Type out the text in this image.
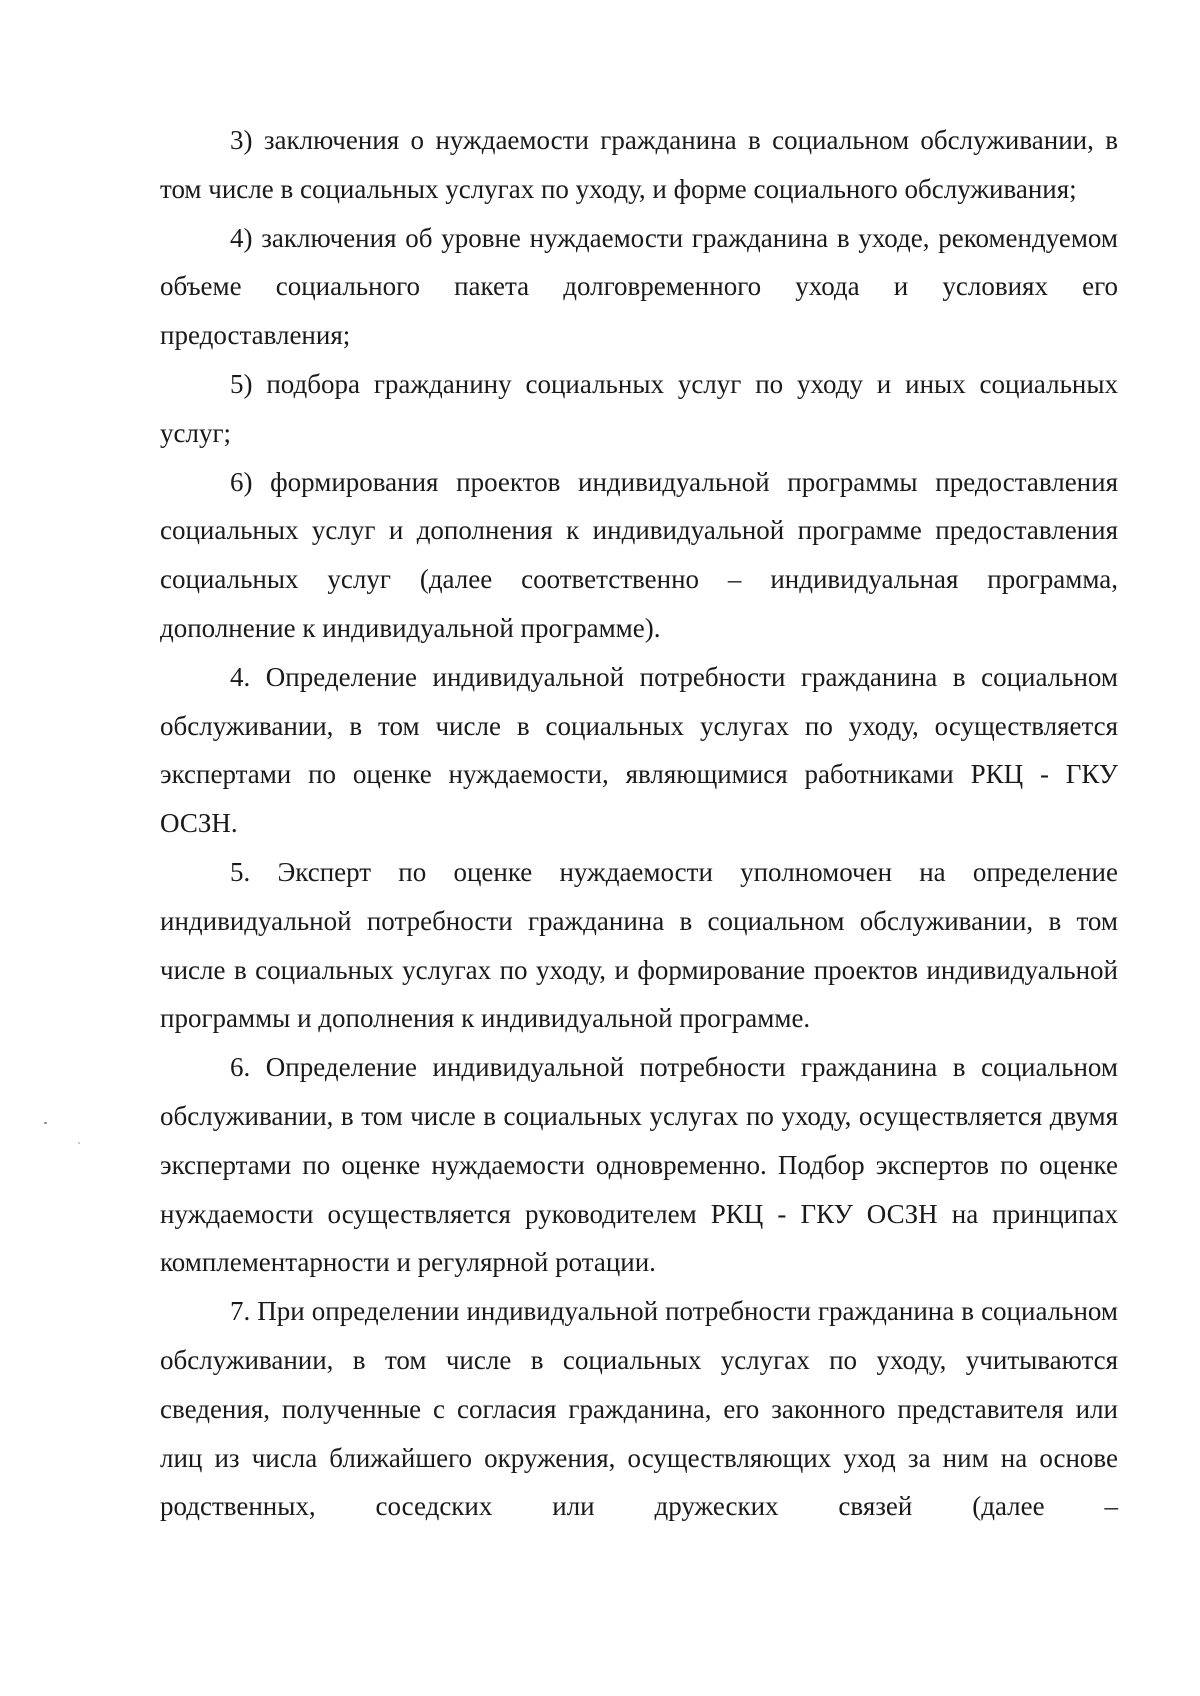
3) заключения о нуждаемости гражданина в социальном обслуживании, в том числе в социальных услугах по уходу, и форме социального обслуживания;

4) заключения об уровне нуждаемости гражданина в уходе, рекомендуемом объеме социального пакета долговременного ухода и условиях его предоставления;

5) подбора гражданину социальных услуг по уходу и иных социальных услуг;

6) формирования проектов индивидуальной программы предоставления социальных услуг и дополнения к индивидуальной программе предоставления социальных услуг (далее соответственно – индивидуальная программа, дополнение к индивидуальной программе).

4. Определение индивидуальной потребности гражданина в социальном обслуживании, в том числе в социальных услугах по уходу, осуществляется экспертами по оценке нуждаемости, являющимися работниками РКЦ - ГКУ ОСЗН.

5. Эксперт по оценке нуждаемости уполномочен на определение индивидуальной потребности гражданина в социальном обслуживании, в том числе в социальных услугах по уходу, и формирование проектов индивидуальной программы и дополнения к индивидуальной программе.

6. Определение индивидуальной потребности гражданина в социальном обслуживании, в том числе в социальных услугах по уходу, осуществляется двумя экспертами по оценке нуждаемости одновременно. Подбор экспертов по оценке нуждаемости осуществляется руководителем РКЦ - ГКУ ОСЗН на принципах комплементарности и регулярной ротации.

7. При определении индивидуальной потребности гражданина в социальном обслуживании, в том числе в социальных услугах по уходу, учитываются сведения, полученные с согласия гражданина, его законного представителя или лиц из числа ближайшего окружения, осуществляющих уход за ним на основе родственных, соседских или дружеских связей (далее –
